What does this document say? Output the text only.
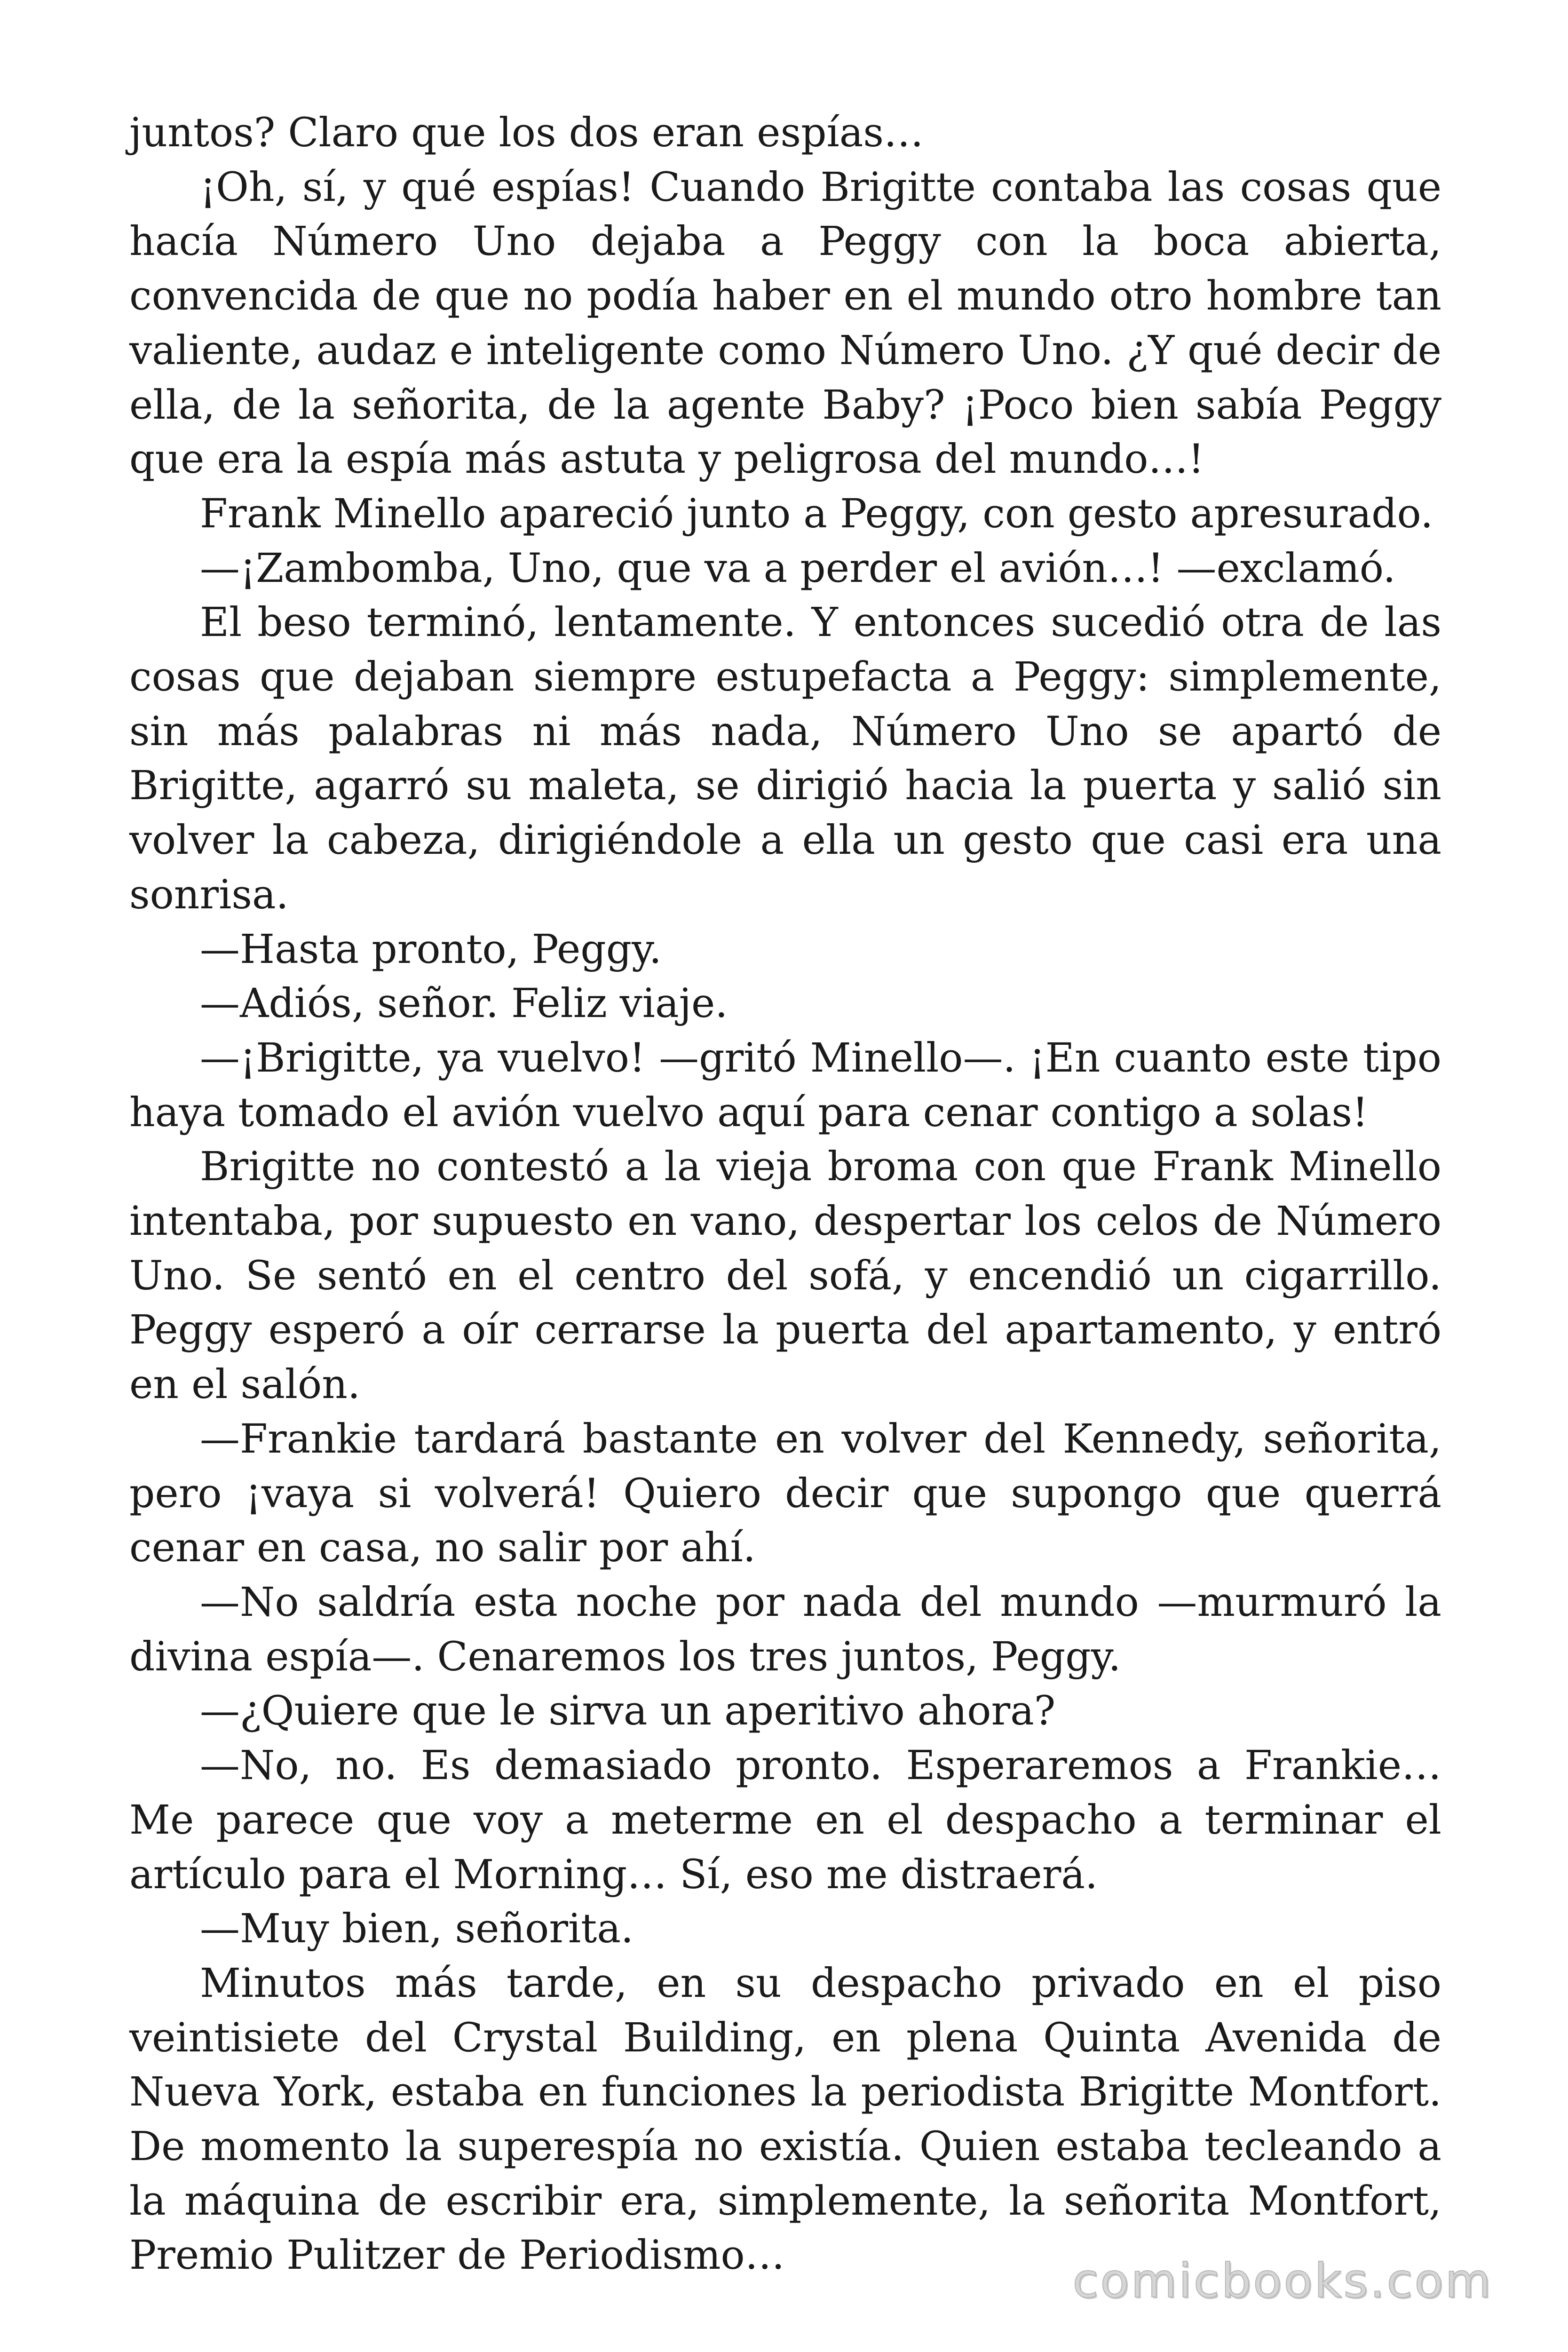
juntos? Claro que los dos eran espías…

¡Oh, sí, y qué espías! Cuando Brigitte contaba las cosas que hacía Número Uno dejaba a Peggy con la boca abierta, convencida de que no podía haber en el mundo otro hombre tan valiente, audaz e inteligente como Número Uno. ¿Y qué decir de ella, de la señorita, de la agente Baby? ¡Poco bien sabía Peggy que era la espía más astuta y peligrosa del mundo…!

Frank Minello apareció junto a Peggy, con gesto apresurado.

—¡Zambomba, Uno, que va a perder el avión…! —exclamó.

El beso terminó, lentamente. Y entonces sucedió otra de las cosas que dejaban siempre estupefacta a Peggy: simplemente, sin más palabras ni más nada, Número Uno se apartó de Brigitte, agarró su maleta, se dirigió hacia la puerta y salió sin volver la cabeza, dirigiéndole a ella un gesto que casi era una sonrisa.

—Hasta pronto, Peggy.

—Adiós, señor. Feliz viaje.

—¡Brigitte, ya vuelvo! —gritó Minello—. ¡En cuanto este tipo haya tomado el avión vuelvo aquí para cenar contigo a solas!

Brigitte no contestó a la vieja broma con que Frank Minello intentaba, por supuesto en vano, despertar los celos de Número Uno. Se sentó en el centro del sofá, y encendió un cigarrillo. Peggy esperó a oír cerrarse la puerta del apartamento, y entró en el salón.

—Frankie tardará bastante en volver del Kennedy, señorita, pero ¡vaya si volverá! Quiero decir que supongo que querrá cenar en casa, no salir por ahí.

—No saldría esta noche por nada del mundo —murmuró la divina espía—. Cenaremos los tres juntos, Peggy.

—¿Quiere que le sirva un aperitivo ahora?

—No, no. Es demasiado pronto. Esperaremos a Frankie… Me parece que voy a meterme en el despacho a terminar el artículo para el Morning… Sí, eso me distraerá.

—Muy bien, señorita.

Minutos más tarde, en su despacho privado en el piso veintisiete del Crystal Building, en plena Quinta Avenida de Nueva York, estaba en funciones la periodista Brigitte Montfort. De momento la superespía no existía. Quien estaba tecleando a la máquina de escribir era, simplemente, la señorita Montfort, Premio Pulitzer de Periodismo…	comicbooks.com
